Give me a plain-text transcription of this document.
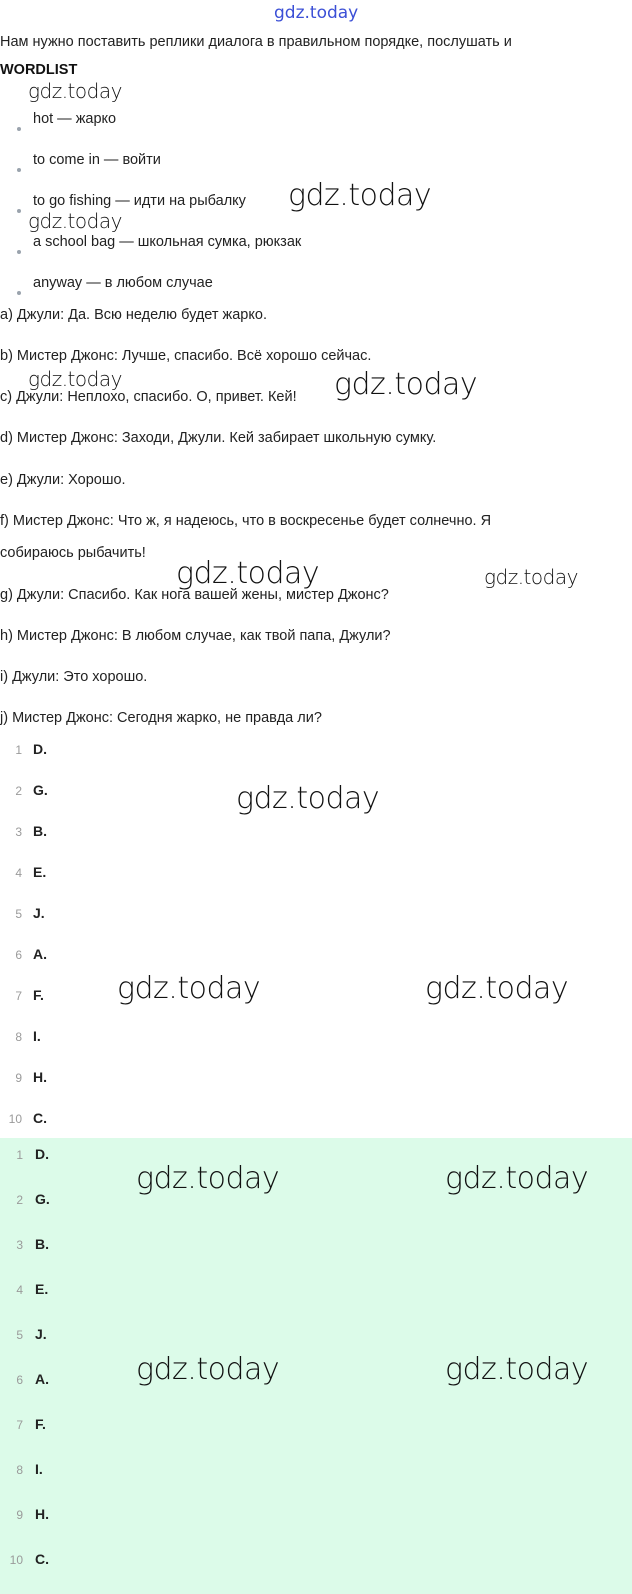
gdz.today
Нам нужно поставить реплики диалога в правильном порядке, послушать и
WORDLIST
hot — жарко
to come in — войти
to go fishing — идти на рыбалку
a school bag — школьная сумка, рюкзак
anyway — в любом случае
a) Джули: Да. Всю неделю будет жарко.
b) Мистер Джонс: Лучше, спасибо. Всё хорошо сейчас.
c) Джули: Неплохо, спасибо. О, привет. Кей!
d) Мистер Джонс: Заходи, Джули. Кей забирает школьную сумку.
e) Джули: Хорошо.
f) Мистер Джонс: Что ж, я надеюсь, что в воскресенье будет солнечно. Я
собираюсь рыбачить!
g) Джули: Спасибо. Как нога вашей жены, мистер Джонс?
h) Мистер Джонс: В любом случае, как твой папа, Джули?
i) Джули: Это хорошо.
j) Мистер Джонс: Сегодня жарко, не правда ли?
1 D.
2 G.
3 B.
4 E.
5 J.
6 A.
7 F.
8 I.
9 H.
10 C.
1 D.
2 G.
3 B.
4 E.
5 J.
6 A.
7 F.
8 I.
9 H.
10 C.
gdz.today
gdz.today
gdz.today
gdz.today	gdz.today
gdz.today	gdz.today
gdz.today
gdz.today	gdz.today
gdz.today	gdz.today
gdz.today	gdz.today
